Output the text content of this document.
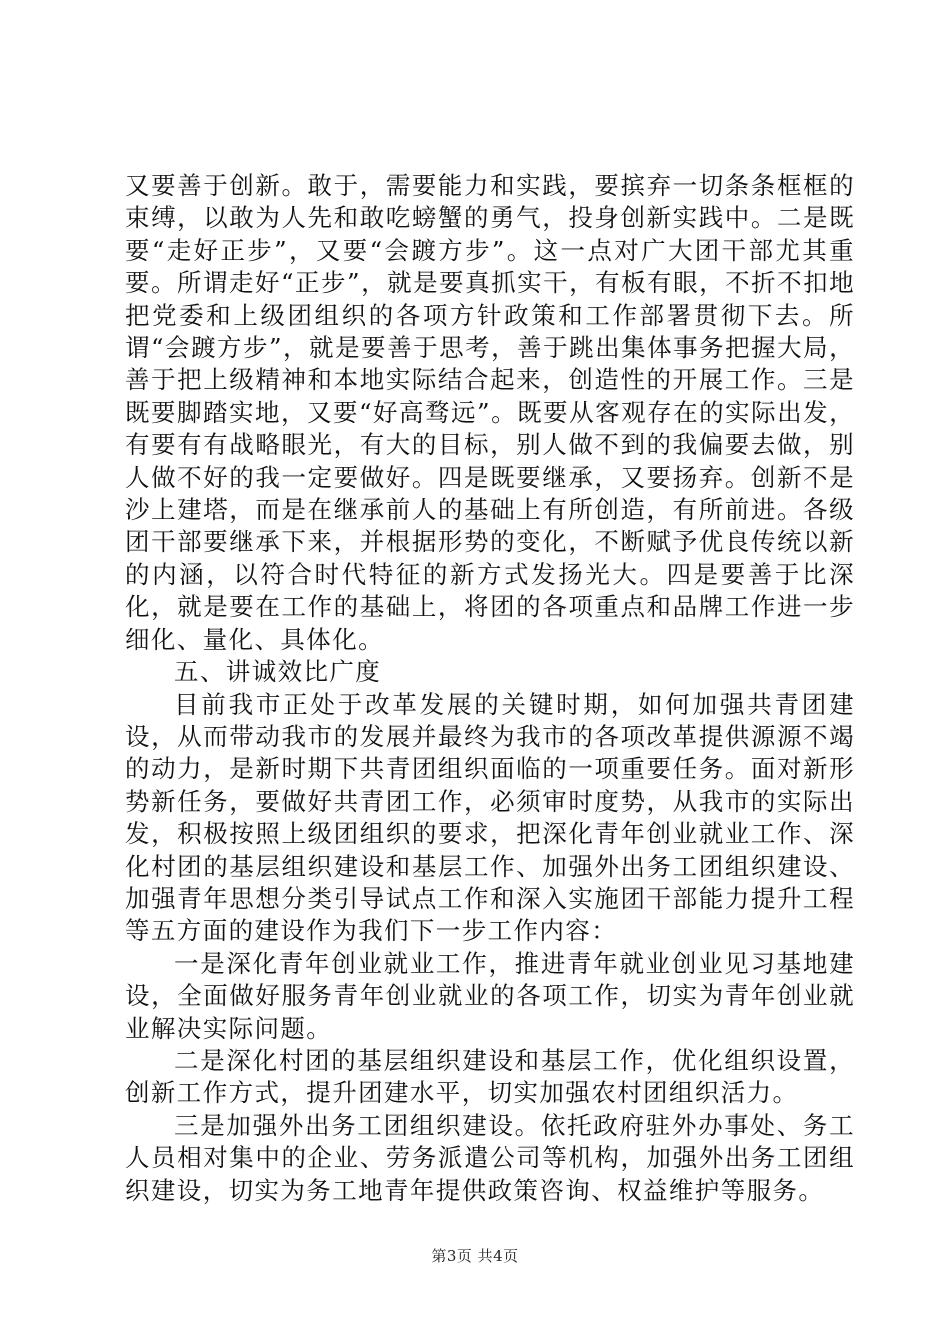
又要善于创新。敢于，需要能力和实践，要摈弃一切条条框框的束缚，以敢为人先和敢吃螃蟹的勇气，投身创新实践中。二是既要“走好正步”，又要“会踱方步”。这一点对广大团干部尤其重要。所谓走好“正步”，就是要真抓实干，有板有眼，不折不扣地把党委和上级团组织的各项方针政策和工作部署贯彻下去。所谓“会踱方步”，就是要善于思考，善于跳出集体事务把握大局，善于把上级精神和本地实际结合起来，创造性的开展工作。三是既要脚踏实地，又要“好高骛远”。既要从客观存在的实际出发，有要有有战略眼光，有大的目标，别人做不到的我偏要去做，别人做不好的我一定要做好。四是既要继承，又要扬弃。创新不是沙上建塔，而是在继承前人的基础上有所创造，有所前进。各级团干部要继承下来，并根据形势的变化，不断赋予优良传统以新的内涵，以符合时代特征的新方式发扬光大。四是要善于比深化，就是要在工作的基础上，将团的各项重点和品牌工作进一步细化、量化、具体化。

五、讲诚效比广度

目前我市正处于改革发展的关键时期，如何加强共青团建设，从而带动我市的发展并最终为我市的各项改革提供源源不竭的动力，是新时期下共青团组织面临的一项重要任务。面对新形势新任务，要做好共青团工作，必须审时度势，从我市的实际出发，积极按照上级团组织的要求，把深化青年创业就业工作、深化村团的基层组织建设和基层工作、加强外出务工团组织建设、加强青年思想分类引导试点工作和深入实施团干部能力提升工程等五方面的建设作为我们下一步工作内容：

一是深化青年创业就业工作，推进青年就业创业见习基地建设，全面做好服务青年创业就业的各项工作，切实为青年创业就业解决实际问题。

二是深化村团的基层组织建设和基层工作，优化组织设置，创新工作方式，提升团建水平，切实加强农村团组织活力。

三是加强外出务工团组织建设。依托政府驻外办事处、务工人员相对集中的企业、劳务派遣公司等机构，加强外出务工团组织建设，切实为务工地青年提供政策咨询、权益维护等服务。

第3页 共4页
